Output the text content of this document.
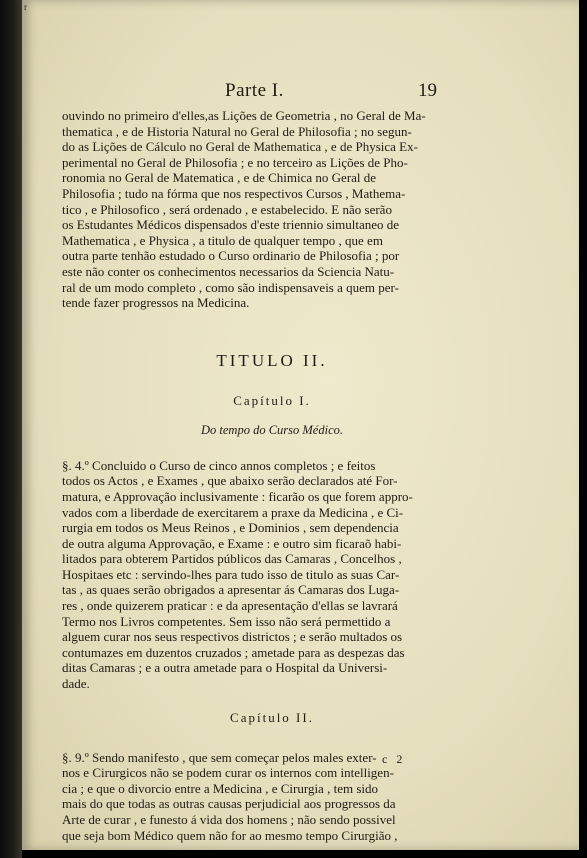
r
Parte I.	19

ouvindo no primeiro d'elles,as Lições de Geometria , no Geral de Ma-
thematica , e de Historia Natural no Geral de Philosofia ; no segun-
do as Lições de Cálculo no Geral de Mathematica , e de Physica Ex-
perimental no Geral de Philosofia ; e no terceiro as Lições de Pho-
ronomia no Geral de Matematica , e de Chimica no Geral de
Philosofia ; tudo na fórma que nos respectivos Cursos , Mathema-
tico , e Philosofico , será ordenado , e estabelecido. E não serão
os Estudantes Médicos dispensados d'este triennio simultaneo de
Mathematica , e Physica , a titulo de qualquer tempo , que em
outra parte tenhão estudado o Curso ordinario de Philosofia ; por
este não conter os conhecimentos necessarios da Sciencia Natu-
ral de um modo completo , como são indispensaveis a quem per-
tende fazer progressos na Medicina.

TITULO II.
Capítulo I.
Do tempo do Curso Médico.

§. 4.º Concluido o Curso de cinco annos completos ; e feitos
todos os Actos , e Exames , que abaixo serão declarados até For-
matura, e Approvação inclusivamente : ficarão os que forem appro-
vados com a liberdade de exercitarem a praxe da Medicina , e Ci-
rurgia em todos os Meus Reinos , e Dominios , sem dependencia
de outra alguma Approvação, e Exame : e outro sim ficaraõ habi-
litados para obterem Partidos públicos das Camaras , Concelhos ,
Hospitaes etc : servindo-lhes para tudo isso de titulo as suas Car-
tas , as quaes serão obrigados a apresentar ás Camaras dos Luga-
res , onde quizerem praticar : e da apresentação d'ellas se lavrará
Termo nos Livros competentes. Sem isso não será permettido a
alguem curar nos seus respectivos districtos ; e serão multados os
contumazes em duzentos cruzados ; ametade para as despezas das
ditas Camaras ; e a outra ametade para o Hospital da Universi-
dade.

Capítulo II.

§. 9.º Sendo manifesto , que sem começar pelos males exter-
nos e Cirurgicos não se podem curar os internos com intelligen-
cia ; e que o divorcio entre a Medicina , e Cirurgia , tem sido
mais do que todas as outras causas perjudicial aos progressos da
Arte de curar , e funesto á vida dos homens ; não sendo possivel
que seja bom Médico quem não for ao mesmo tempo Cirurgião ,

c 2
